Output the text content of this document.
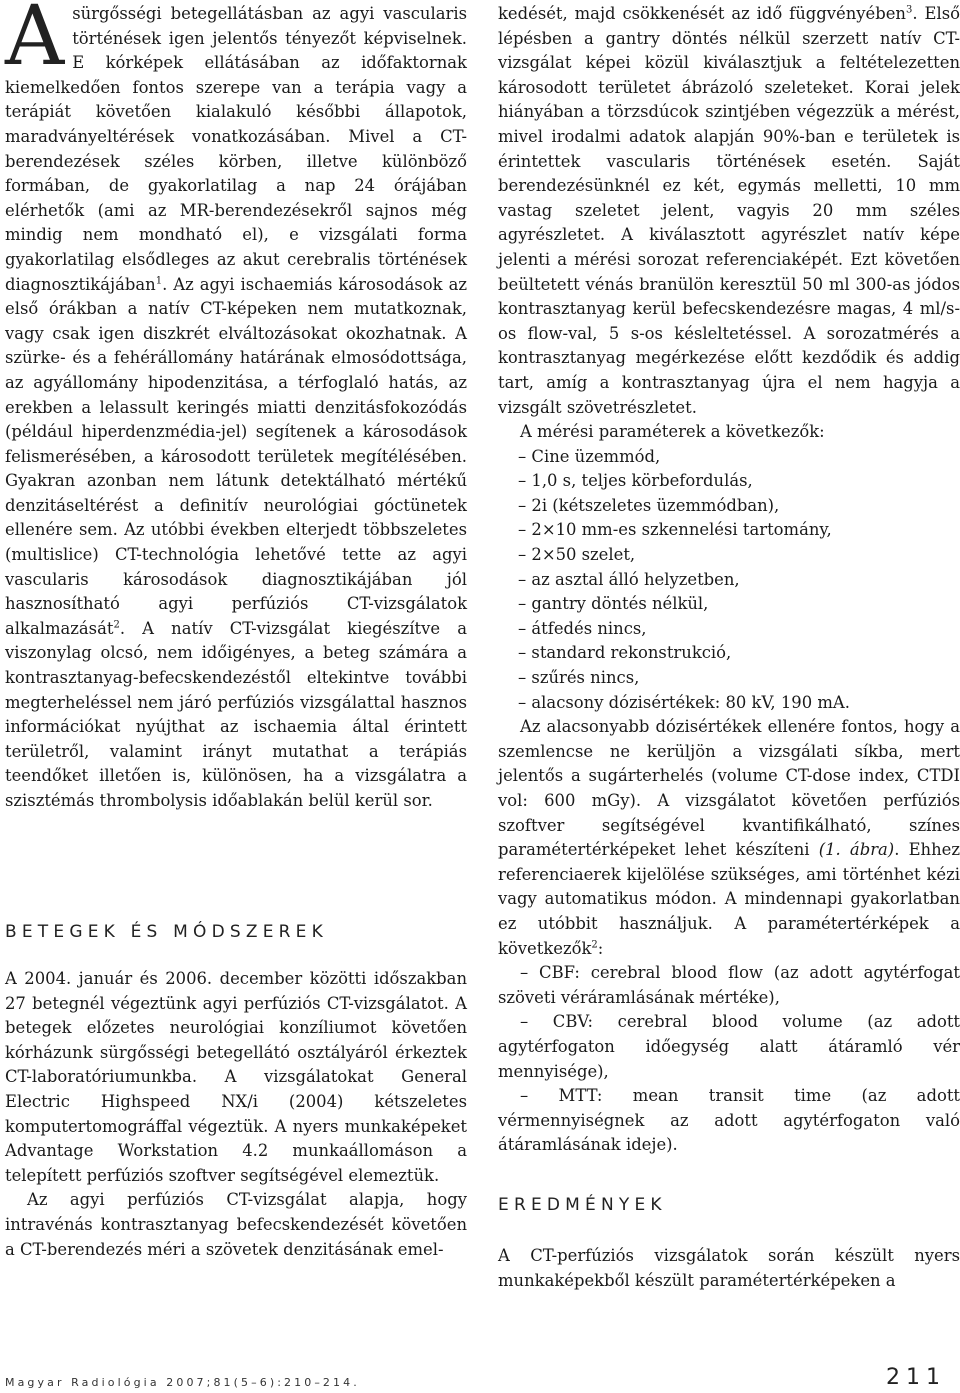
Asürgősségi betegellátásban az agyi vascularis történések igen jelentős tényezőt képviselnek. E kórképek ellátásában az időfaktornak kiemelkedően fontos szerepe van a terápia vagy a terápiát követően kialakuló későbbi állapotok, maradványeltérések vonatkozásában. Mivel a CT-berendezések széles körben, illetve különböző formában, de gyakorlatilag a nap 24 órájában elérhetők (ami az MR-berendezésekről sajnos még mindig nem mondható el), e vizsgálati forma gyakorlatilag elsődleges az akut cerebralis történések diagnosztikájában$^1$. Az agyi ischaemiás károsodások az első órákban a natív CT-képeken nem mutatkoznak, vagy csak igen diszkrét elváltozásokat okozhatnak. A szürke- és a fehérállomány határának elmosódottsága, az agyállomány hipodenzitása, a térfoglaló hatás, az erekben a lelassult keringés miatti denzitásfokozódás (például hiperdenzmédia-jel) segítenek a károsodások felismerésében, a károsodott területek megítélésében. Gyakran azonban nem látunk detektálható mértékű denzitáseltérést a definitív neurológiai góctünetek ellenére sem. Az utóbbi években elterjedt többszeletes (multislice) CT-technológia lehetővé tette az agyi vascularis károsodások diagnosztikájában jól hasznosítható agyi perfúziós CT-vizsgálatok alkalmazását$^2$. A natív CT-vizsgálat kiegészítve a viszonylag olcsó, nem időigényes, a beteg számára a kontrasztanyag-befecskendezéstől eltekintve további megterheléssel nem járó perfúziós vizsgálattal hasznos információkat nyújthat az ischaemia által érintett területről, valamint irányt mutathat a terápiás teendőket illetően is, különösen, ha a vizsgálatra a szisztémás thrombolysis időablakán belül kerül sor.

BETEGEK ÉS MÓDSZEREK

A 2004. január és 2006. december közötti időszakban 27 betegnél végeztünk agyi perfúziós CT-vizsgálatot. A betegek előzetes neurológiai konzíliumot követően kórházunk sürgősségi betegellátó osztályáról érkeztek CT-laboratóriumunkba. A vizsgálatokat General Electric Highspeed NX/i (2004) kétszeletes komputertomográffal végeztük. A nyers munkaképeket Advantage Workstation 4.2 munkaállomáson a telepített perfúziós szoftver segítségével elemeztük.

Az agyi perfúziós CT-vizsgálat alapja, hogy intravénás kontrasztanyag befecskendezését követően a CT-berendezés méri a szövetek denzitásának emel-

kedését, majd csökkenését az idő függvényében$^3$. Első lépésben a gantry döntés nélkül szerzett natív CT-vizsgálat képei közül kiválasztjuk a feltételezetten károsodott területet ábrázoló szeleteket. Korai jelek hiányában a törzsdúcok szintjében végezzük a mérést, mivel irodalmi adatok alapján 90%-ban e területek is érintettek vascularis történések esetén. Saját berendezésünknél ez két, egymás melletti, 10 mm vastag szeletet jelent, vagyis 20 mm széles agyrészletet. A kiválasztott agyrészlet natív képe jelenti a mérési sorozat referenciaképét. Ezt követően beültetett vénás branülön keresztül 50 ml 300-as jódos kontrasztanyag kerül befecskendezésre magas, 4 ml/s-os flow-val, 5 s-os késleltetéssel. A sorozatmérés a kontrasztanyag megérkezése előtt kezdődik és addig tart, amíg a kontrasztanyag újra el nem hagyja a vizsgált szövetrészletet.

A mérési paraméterek a következők:

– Cine üzemmód,
– 1,0 s, teljes körbefordulás,
– 2i (kétszeletes üzemmódban),
– 2×10 mm-es szkennelési tartomány,
– 2×50 szelet,
– az asztal álló helyzetben,
– gantry döntés nélkül,
– átfedés nincs,
– standard rekonstrukció,
– szűrés nincs,
– alacsony dózisértékek: 80 kV, 190 mA.

Az alacsonyabb dózisértékek ellenére fontos, hogy a szemlencse ne kerüljön a vizsgálati síkba, mert jelentős a sugárterhelés (volume CT-dose index, CTDI vol: 600 mGy). A vizsgálatot követően perfúziós szoftver segítségével kvantifikálható, színes paramétertérképeket lehet készíteni (1. ábra). Ehhez referenciaerek kijelölése szükséges, ami történhet kézi vagy automatikus módon. A mindennapi gyakorlatban ez utóbbit használjuk. A paramétertérképek a következők$^2$:

– CBF: cerebral blood flow (az adott agytérfogat szöveti véráramlásának mértéke),

– CBV: cerebral blood volume (az adott agytérfogaton időegység alatt átáramló vér mennyisége),

– MTT: mean transit time (az adott vérmennyiségnek az adott agytérfogaton való átáramlásának ideje).

EREDMÉNYEK

A CT-perfúziós vizsgálatok során készült nyers munkaképekből készült paramétertérképeken a

Magyar Radiológia 2007;81(5–6):210–214.	211
